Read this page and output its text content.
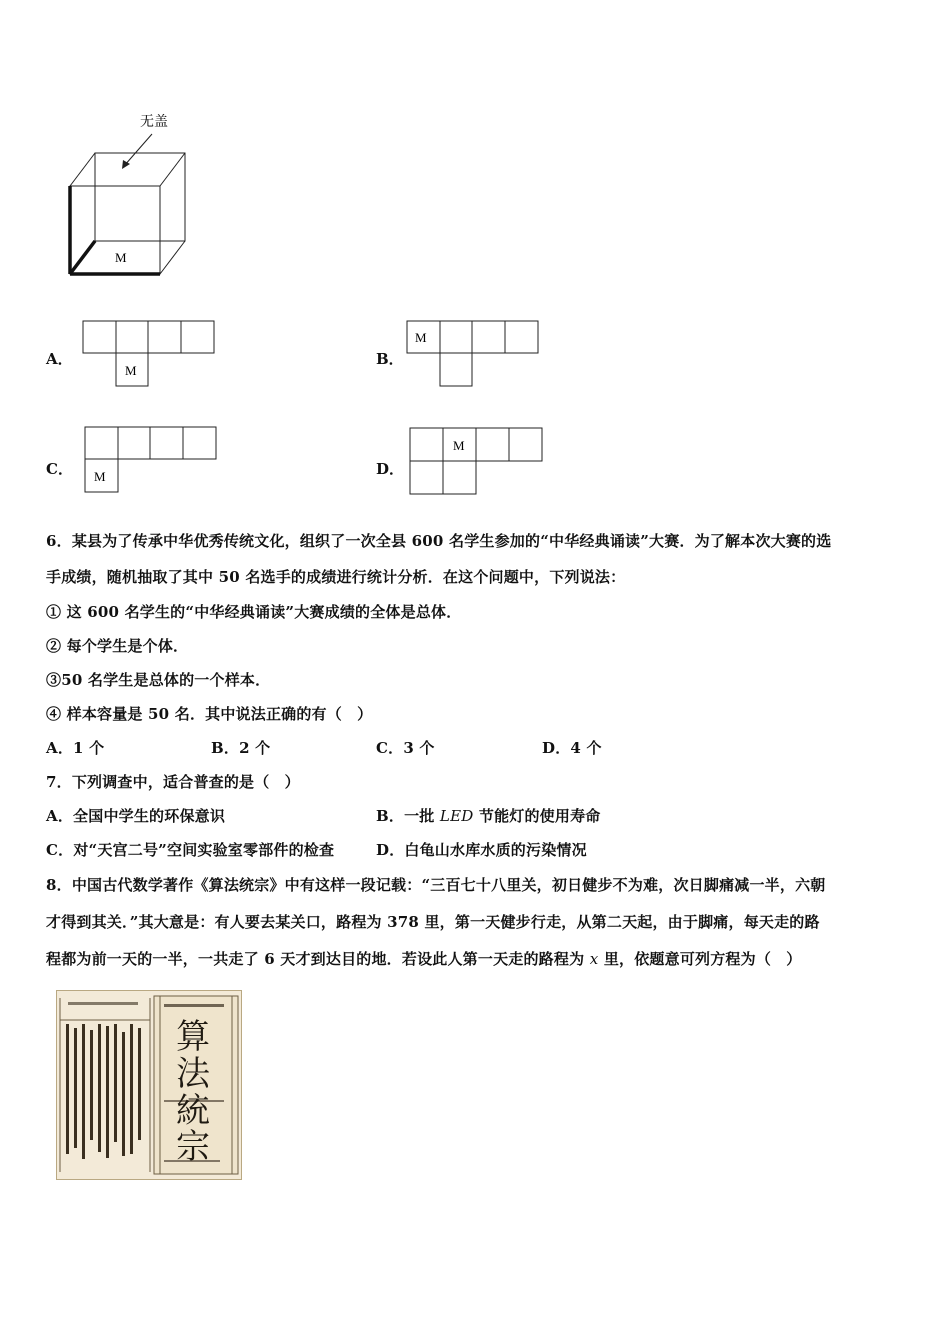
无盖
M
A．
M
B．
M
C． M	D．
M
6．某县为了传承中华优秀传统文化，组织了一次全县 600 名学生参加的“中华经典诵读”大赛．为了解本次大赛的选
手成绩，随机抽取了其中 50 名选手的成绩进行统计分析．在这个问题中，下列说法：
① 这 600 名学生的“中华经典诵读”大赛成绩的全体是总体．
② 每个学生是个体．
③50 名学生是总体的一个样本．
④ 样本容量是 50 名．其中说法正确的有（　）
A．1 个	B．2 个	C．3 个	D．4 个
7．下列调查中，适合普查的是（　）
A．全国中学生的环保意识	B．一批 LED 节能灯的使用寿命
C．对“天宫二号”空间实验室零部件的检查	D．白龟山水库水质的污染情况
8．中国古代数学著作《算法统宗》中有这样一段记载：“三百七十八里关，初日健步不为难，次日脚痛减一半，六朝
才得到其关．”其大意是：有人要去某关口，路程为 378 里，第一天健步行走，从第二天起，由于脚痛，每天走的路
程都为前一天的一半，一共走了 6 天才到达目的地．若设此人第一天走的路程为 x 里，依题意可列方程为（　）
算
法
統
宗
